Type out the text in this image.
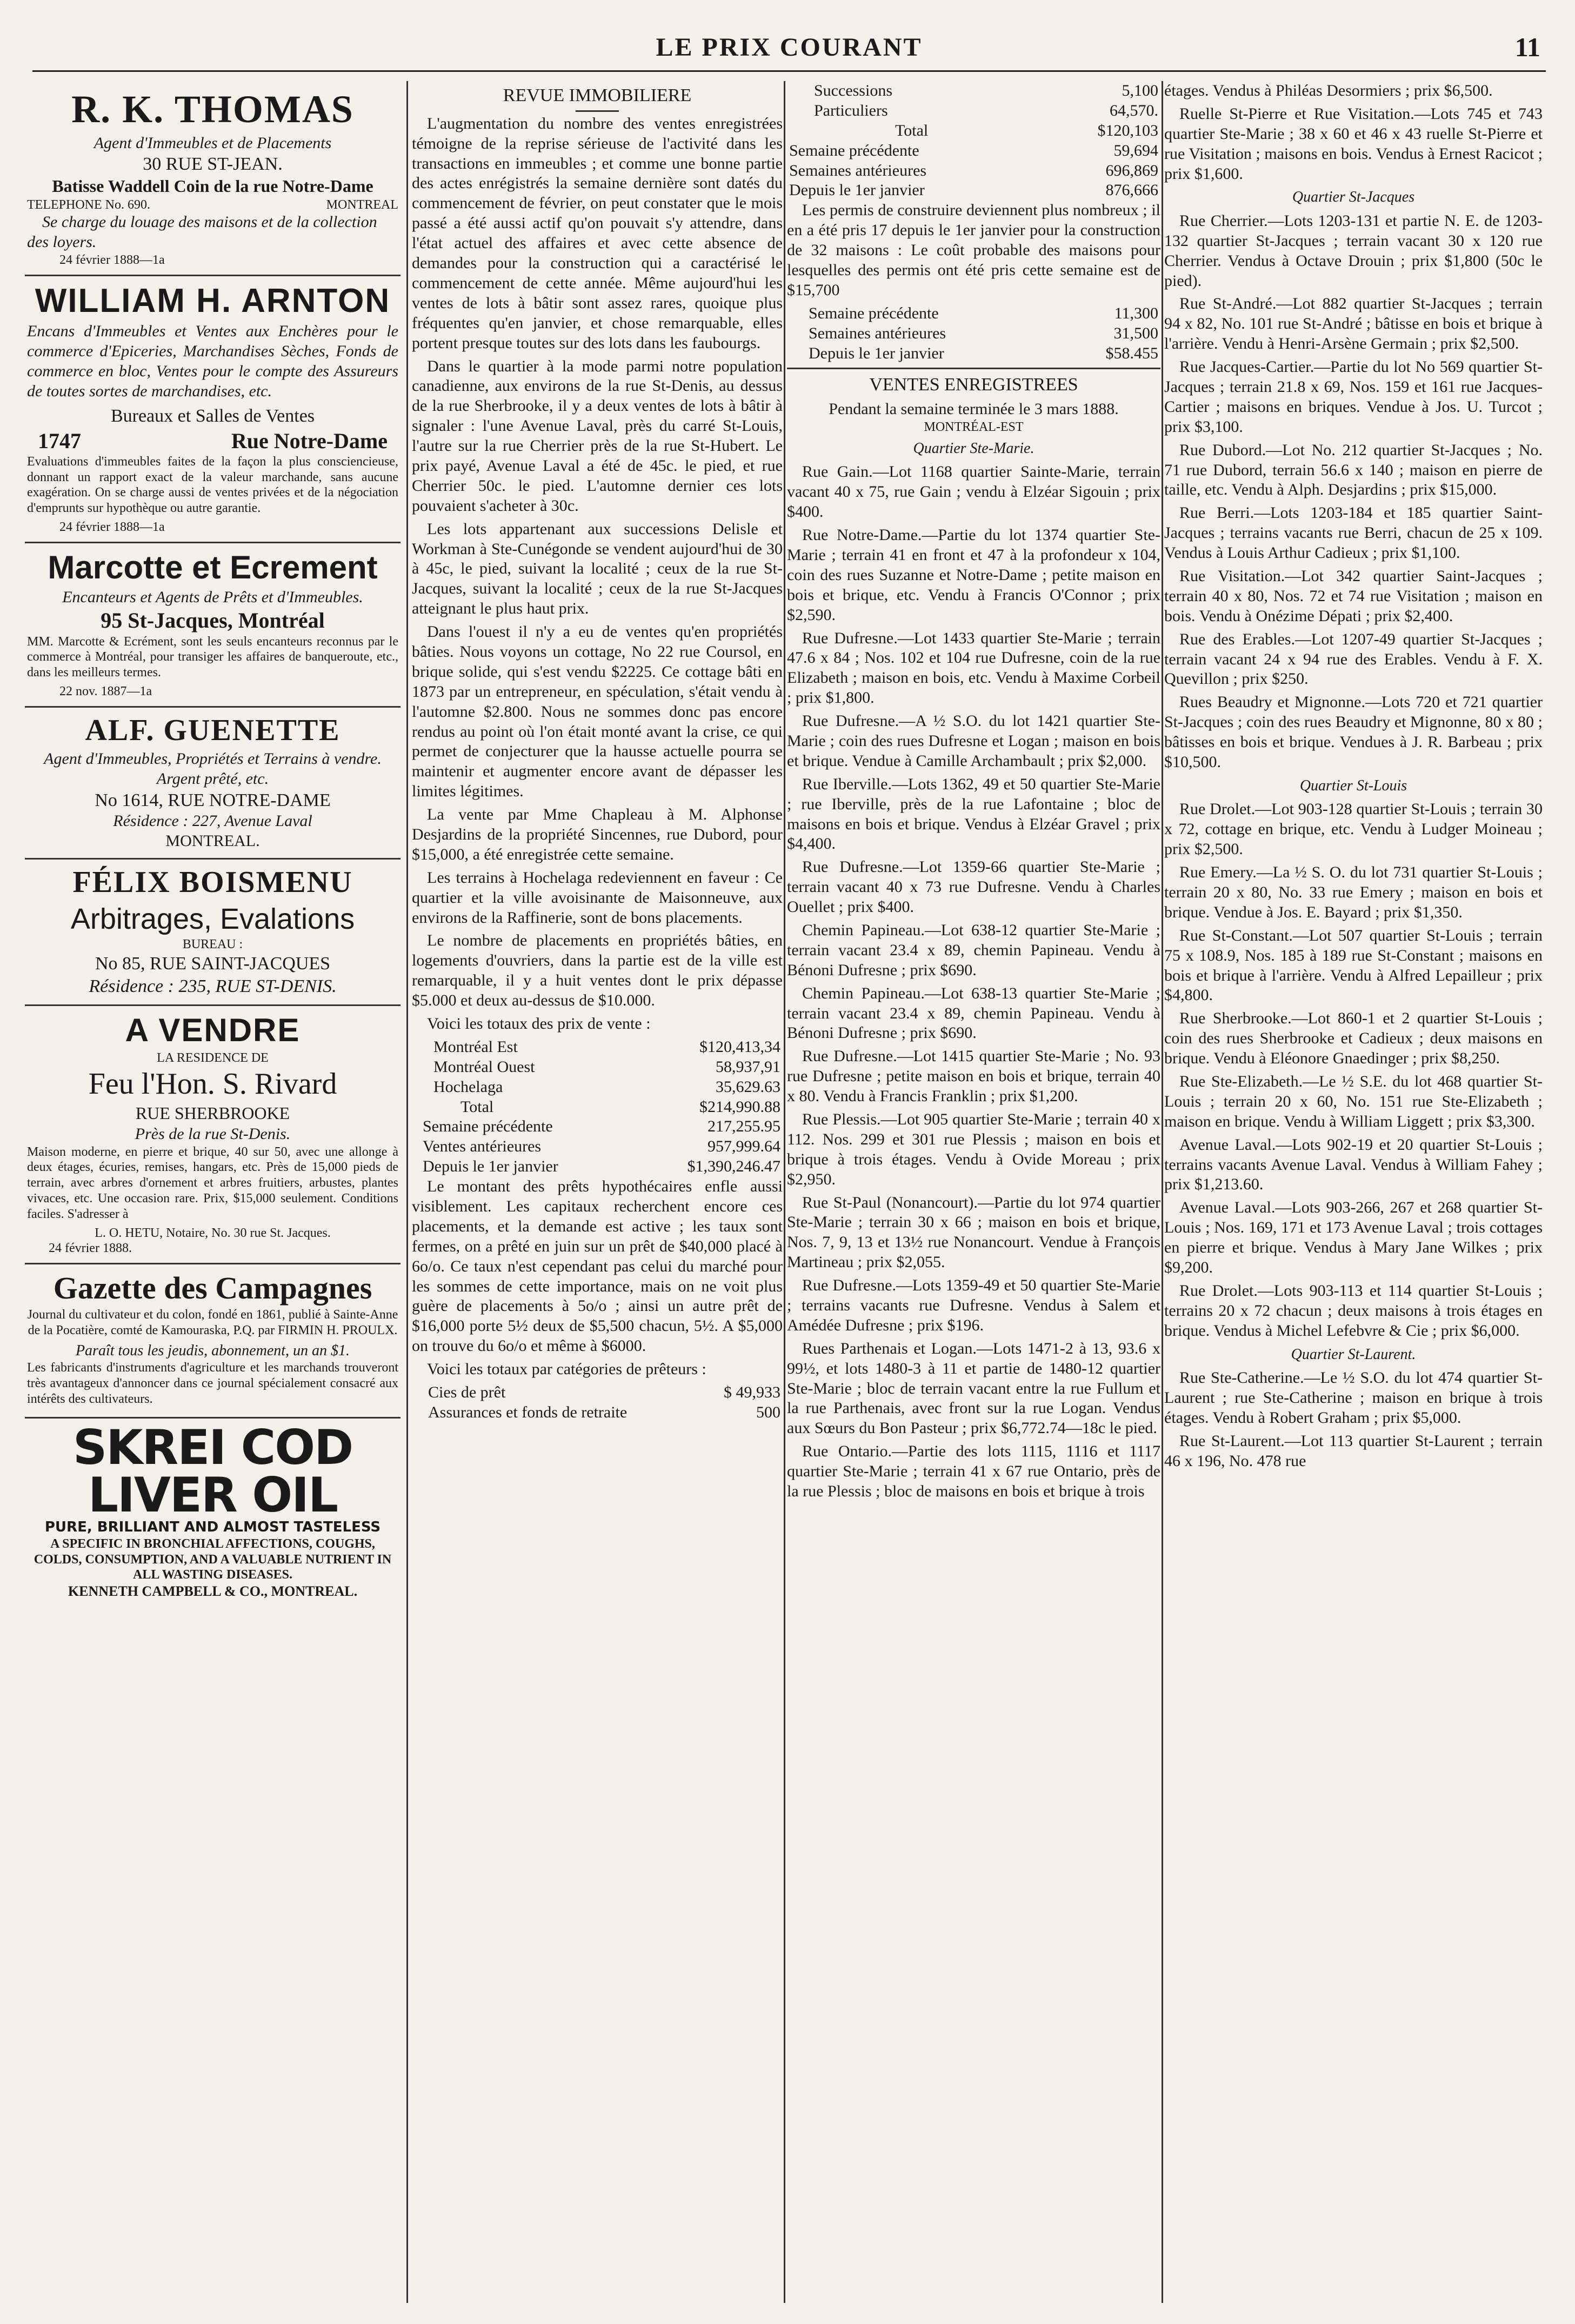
LE PRIX COURANT	11
R. K. THOMAS
Agent d'Immeubles et de Placements
30 RUE ST-JEAN.
Batisse Waddell Coin de la rue Notre-Dame
TELEPHONE No. 690.	MONTREAL
Se charge du louage des maisons et de la collection des loyers.
24 février 1888—1a
WILLIAM H. ARNTON
Encans d'Immeubles et Ventes aux Enchères pour le commerce d'Epiceries, Marchandises Sèches, Fonds de commerce en bloc, Ventes pour le compte des Assureurs de toutes sortes de marchandises, etc.
Bureaux et Salles de Ventes
1747	Rue Notre-Dame
Evaluations d'immeubles faites de la façon la plus consciencieuse, donnant un rapport exact de la valeur marchande, sans aucune exagération. On se charge aussi de ventes privées et de la négociation d'emprunts sur hypothèque ou autre garantie.
24 février 1888—1a
Marcotte et Ecrement
Encanteurs et Agents de Prêts et d'Immeubles.
95 St-Jacques, Montréal
MM. Marcotte & Ecrément, sont les seuls encanteurs reconnus par le commerce à Montréal, pour transiger les affaires de banqueroute, etc., dans les meilleurs termes.
22 nov. 1887—1a
ALF. GUENETTE
Agent d'Immeubles, Propriétés et Terrains à vendre. Argent prêté, etc.
No 1614, RUE NOTRE-DAME
Résidence : 227, Avenue Laval
MONTREAL.
FÉLIX BOISMENU
Arbitrages, Evalations
BUREAU :
No 85, RUE SAINT-JACQUES
Résidence : 235, RUE ST-DENIS.
A VENDRE
LA RESIDENCE DE
Feu l'Hon. S. Rivard
RUE SHERBROOKE
Près de la rue St-Denis.
Maison moderne, en pierre et brique, 40 sur 50, avec une allonge à deux étages, écuries, remises, hangars, etc. Près de 15,000 pieds de terrain, avec arbres d'ornement et arbres fruitiers, arbustes, plantes vivaces, etc. Une occasion rare. Prix, $15,000 seulement. Conditions faciles. S'adresser à
L. O. HETU, Notaire, No. 30 rue St. Jacques.
24 février 1888.
Gazette des Campagnes
Journal du cultivateur et du colon, fondé en 1861, publié à Sainte-Anne de la Pocatière, comté de Kamouraska, P.Q. par FIRMIN H. PROULX.
Paraît tous les jeudis, abonnement, un an $1.
Les fabricants d'instruments d'agriculture et les marchands trouveront très avantageux d'annoncer dans ce journal spécialement consacré aux intérêts des cultivateurs.
SKREI COD LIVER OIL
PURE, BRILLIANT AND ALMOST TASTELESS
A SPECIFIC IN BRONCHIAL AFFECTIONS, COUGHS, COLDS, CONSUMPTION, AND A VALUABLE NUTRIENT IN ALL WASTING DISEASES.
KENNETH CAMPBELL & CO., MONTREAL.
REVUE IMMOBILIERE

L'augmentation du nombre des ventes enregistrées témoigne de la reprise sérieuse de l'activité dans les transactions en immeubles ; et comme une bonne partie des actes enrégistrés la semaine dernière sont datés du commencement de février, on peut constater que le mois passé a été aussi actif qu'on pouvait s'y attendre, dans l'état actuel des affaires et avec cette absence de demandes pour la construction qui a caractérisé le commencement de cette année. Même aujourd'hui les ventes de lots à bâtir sont assez rares, quoique plus fréquentes qu'en janvier, et chose remarquable, elles portent presque toutes sur des lots dans les faubourgs.

Dans le quartier à la mode parmi notre population canadienne, aux environs de la rue St-Denis, au dessus de la rue Sherbrooke, il y a deux ventes de lots à bâtir à signaler : l'une Avenue Laval, près du carré St-Louis, l'autre sur la rue Cherrier près de la rue St-Hubert. Le prix payé, Avenue Laval a été de 45c. le pied, et rue Cherrier 50c. le pied. L'automne dernier ces lots pouvaient s'acheter à 30c.

Les lots appartenant aux successions Delisle et Workman à Ste-Cunégonde se vendent aujourd'hui de 30 à 45c, le pied, suivant la localité ; ceux de la rue St-Jacques, suivant la localité ; ceux de la rue St-Jacques atteignant le plus haut prix.

Dans l'ouest il n'y a eu de ventes qu'en propriétés bâties. Nous voyons un cottage, No 22 rue Coursol, en brique solide, qui s'est vendu $2225. Ce cottage bâti en 1873 par un entrepreneur, en spéculation, s'était vendu à l'automne $2.800. Nous ne sommes donc pas encore rendus au point où l'on était monté avant la crise, ce qui permet de conjecturer que la hausse actuelle pourra se maintenir et augmenter encore avant de dépasser les limites légitimes.

La vente par Mme Chapleau à M. Alphonse Desjardins de la propriété Sincennes, rue Dubord, pour $15,000, a été enregistrée cette semaine.

Les terrains à Hochelaga redeviennent en faveur : Ce quartier et la ville avoisinante de Maisonneuve, aux environs de la Raffinerie, sont de bons placements.

Le nombre de placements en propriétés bâties, en logements d'ouvriers, dans la partie est de la ville est remarquable, il y a huit ventes dont le prix dépasse $5.000 et deux au-dessus de $10.000.

Voici les totaux des prix de vente :

Montréal Est	$120,413,34
Montréal Ouest	58,937,91
Hochelaga	35,629.63
Total	$214,990.88
Semaine précédente	217,255.95
Ventes antérieures	957,999.64
Depuis le 1er janvier	$1,390,246.47

Le montant des prêts hypothécaires enfle aussi visiblement. Les capitaux recherchent encore ces placements, et la demande est active ; les taux sont fermes, on a prêté en juin sur un prêt de $40,000 placé à 6o/o. Ce taux n'est cependant pas celui du marché pour les sommes de cette importance, mais on ne voit plus guère de placements à 5o/o ; ainsi un autre prêt de $16,000 porte 5½ deux de $5,500 chacun, 5½. A $5,000 on trouve du 6o/o et même à $6000.

Voici les totaux par catégories de prêteurs :

Cies de prêt	$ 49,933
Assurances et fonds de retraite	500
Successions	5,100
Particuliers	64,570.
Total	$120,103
Semaine précédente	59,694
Semaines antérieures	696,869
Depuis le 1er janvier	876,666

Les permis de construire deviennent plus nombreux ; il en a été pris 17 depuis le 1er janvier pour la construction de 32 maisons : Le coût probable des maisons pour lesquelles des permis ont été pris cette semaine est de $15,700

Semaine précédente	11,300
Semaines antérieures	31,500
Depuis le 1er janvier	$58.455
VENTES ENREGISTREES
Pendant la semaine terminée le 3 mars 1888.
MONTRÉAL-EST
Quartier Ste-Marie.

Rue Gain.—Lot 1168 quartier Sainte-Marie, terrain vacant 40 x 75, rue Gain ; vendu à Elzéar Sigouin ; prix $400.

Rue Notre-Dame.—Partie du lot 1374 quartier Ste-Marie ; terrain 41 en front et 47 à la profondeur x 104, coin des rues Suzanne et Notre-Dame ; petite maison en bois et brique, etc. Vendu à Francis O'Connor ; prix $2,590.

Rue Dufresne.—Lot 1433 quartier Ste-Marie ; terrain 47.6 x 84 ; Nos. 102 et 104 rue Dufresne, coin de la rue Elizabeth ; maison en bois, etc. Vendu à Maxime Corbeil ; prix $1,800.

Rue Dufresne.—A ½ S.O. du lot 1421 quartier Ste-Marie ; coin des rues Dufresne et Logan ; maison en bois et brique. Vendue à Camille Archambault ; prix $2,000.

Rue Iberville.—Lots 1362, 49 et 50 quartier Ste-Marie ; rue Iberville, près de la rue Lafontaine ; bloc de maisons en bois et brique. Vendus à Elzéar Gravel ; prix $4,400.

Rue Dufresne.—Lot 1359-66 quartier Ste-Marie ; terrain vacant 40 x 73 rue Dufresne. Vendu à Charles Ouellet ; prix $400.

Chemin Papineau.—Lot 638-12 quartier Ste-Marie ; terrain vacant 23.4 x 89, chemin Papineau. Vendu à Bénoni Dufresne ; prix $690.

Chemin Papineau.—Lot 638-13 quartier Ste-Marie ; terrain vacant 23.4 x 89, chemin Papineau. Vendu à Bénoni Dufresne ; prix $690.

Rue Dufresne.—Lot 1415 quartier Ste-Marie ; No. 93 rue Dufresne ; petite maison en bois et brique, terrain 40 x 80. Vendu à Francis Franklin ; prix $1,200.

Rue Plessis.—Lot 905 quartier Ste-Marie ; terrain 40 x 112. Nos. 299 et 301 rue Plessis ; maison en bois et brique à trois étages. Vendu à Ovide Moreau ; prix $2,950.

Rue St-Paul (Nonancourt).—Partie du lot 974 quartier Ste-Marie ; terrain 30 x 66 ; maison en bois et brique, Nos. 7, 9, 13 et 13½ rue Nonancourt. Vendue à François Martineau ; prix $2,055.

Rue Dufresne.—Lots 1359-49 et 50 quartier Ste-Marie ; terrains vacants rue Dufresne. Vendus à Salem et Amédée Dufresne ; prix $196.

Rues Parthenais et Logan.—Lots 1471-2 à 13, 93.6 x 99½, et lots 1480-3 à 11 et partie de 1480-12 quartier Ste-Marie ; bloc de terrain vacant entre la rue Fullum et la rue Parthenais, avec front sur la rue Logan. Vendus aux Sœurs du Bon Pasteur ; prix $6,772.74—18c le pied.

Rue Ontario.—Partie des lots 1115, 1116 et 1117 quartier Ste-Marie ; terrain 41 x 67 rue Ontario, près de la rue Plessis ; bloc de maisons en bois et brique à trois

étages. Vendus à Philéas Desormiers ; prix $6,500.

Ruelle St-Pierre et Rue Visitation.—Lots 745 et 743 quartier Ste-Marie ; 38 x 60 et 46 x 43 ruelle St-Pierre et rue Visitation ; maisons en bois. Vendus à Ernest Racicot ; prix $1,600.

Quartier St-Jacques

Rue Cherrier.—Lots 1203-131 et partie N. E. de 1203-132 quartier St-Jacques ; terrain vacant 30 x 120 rue Cherrier. Vendus à Octave Drouin ; prix $1,800 (50c le pied).

Rue St-André.—Lot 882 quartier St-Jacques ; terrain 94 x 82, No. 101 rue St-André ; bâtisse en bois et brique à l'arrière. Vendu à Henri-Arsène Germain ; prix $2,500.

Rue Jacques-Cartier.—Partie du lot No 569 quartier St-Jacques ; terrain 21.8 x 69, Nos. 159 et 161 rue Jacques-Cartier ; maisons en briques. Vendue à Jos. U. Turcot ; prix $3,100.

Rue Dubord.—Lot No. 212 quartier St-Jacques ; No. 71 rue Dubord, terrain 56.6 x 140 ; maison en pierre de taille, etc. Vendu à Alph. Desjardins ; prix $15,000.

Rue Berri.—Lots 1203-184 et 185 quartier Saint-Jacques ; terrains vacants rue Berri, chacun de 25 x 109. Vendus à Louis Arthur Cadieux ; prix $1,100.

Rue Visitation.—Lot 342 quartier Saint-Jacques ; terrain 40 x 80, Nos. 72 et 74 rue Visitation ; maison en bois. Vendu à Onézime Dépati ; prix $2,400.

Rue des Erables.—Lot 1207-49 quartier St-Jacques ; terrain vacant 24 x 94 rue des Erables. Vendu à F. X. Quevillon ; prix $250.

Rues Beaudry et Mignonne.—Lots 720 et 721 quartier St-Jacques ; coin des rues Beaudry et Mignonne, 80 x 80 ; bâtisses en bois et brique. Vendues à J. R. Barbeau ; prix $10,500.

Quartier St-Louis

Rue Drolet.—Lot 903-128 quartier St-Louis ; terrain 30 x 72, cottage en brique, etc. Vendu à Ludger Moineau ; prix $2,500.

Rue Emery.—La ½ S. O. du lot 731 quartier St-Louis ; terrain 20 x 80, No. 33 rue Emery ; maison en bois et brique. Vendue à Jos. E. Bayard ; prix $1,350.

Rue St-Constant.—Lot 507 quartier St-Louis ; terrain 75 x 108.9, Nos. 185 à 189 rue St-Constant ; maisons en bois et brique à l'arrière. Vendu à Alfred Lepailleur ; prix $4,800.

Rue Sherbrooke.—Lot 860-1 et 2 quartier St-Louis ; coin des rues Sherbrooke et Cadieux ; deux maisons en brique. Vendu à Eléonore Gnaedinger ; prix $8,250.

Rue Ste-Elizabeth.—Le ½ S.E. du lot 468 quartier St-Louis ; terrain 20 x 60, No. 151 rue Ste-Elizabeth ; maison en brique. Vendu à William Liggett ; prix $3,300.

Avenue Laval.—Lots 902-19 et 20 quartier St-Louis ; terrains vacants Avenue Laval. Vendus à William Fahey ; prix $1,213.60.

Avenue Laval.—Lots 903-266, 267 et 268 quartier St-Louis ; Nos. 169, 171 et 173 Avenue Laval ; trois cottages en pierre et brique. Vendus à Mary Jane Wilkes ; prix $9,200.

Rue Drolet.—Lots 903-113 et 114 quartier St-Louis ; terrains 20 x 72 chacun ; deux maisons à trois étages en brique. Vendus à Michel Lefebvre & Cie ; prix $6,000.

Quartier St-Laurent.

Rue Ste-Catherine.—Le ½ S.O. du lot 474 quartier St-Laurent ; rue Ste-Catherine ; maison en brique à trois étages. Vendu à Robert Graham ; prix $5,000.

Rue St-Laurent.—Lot 113 quartier St-Laurent ; terrain 46 x 196, No. 478 rue
